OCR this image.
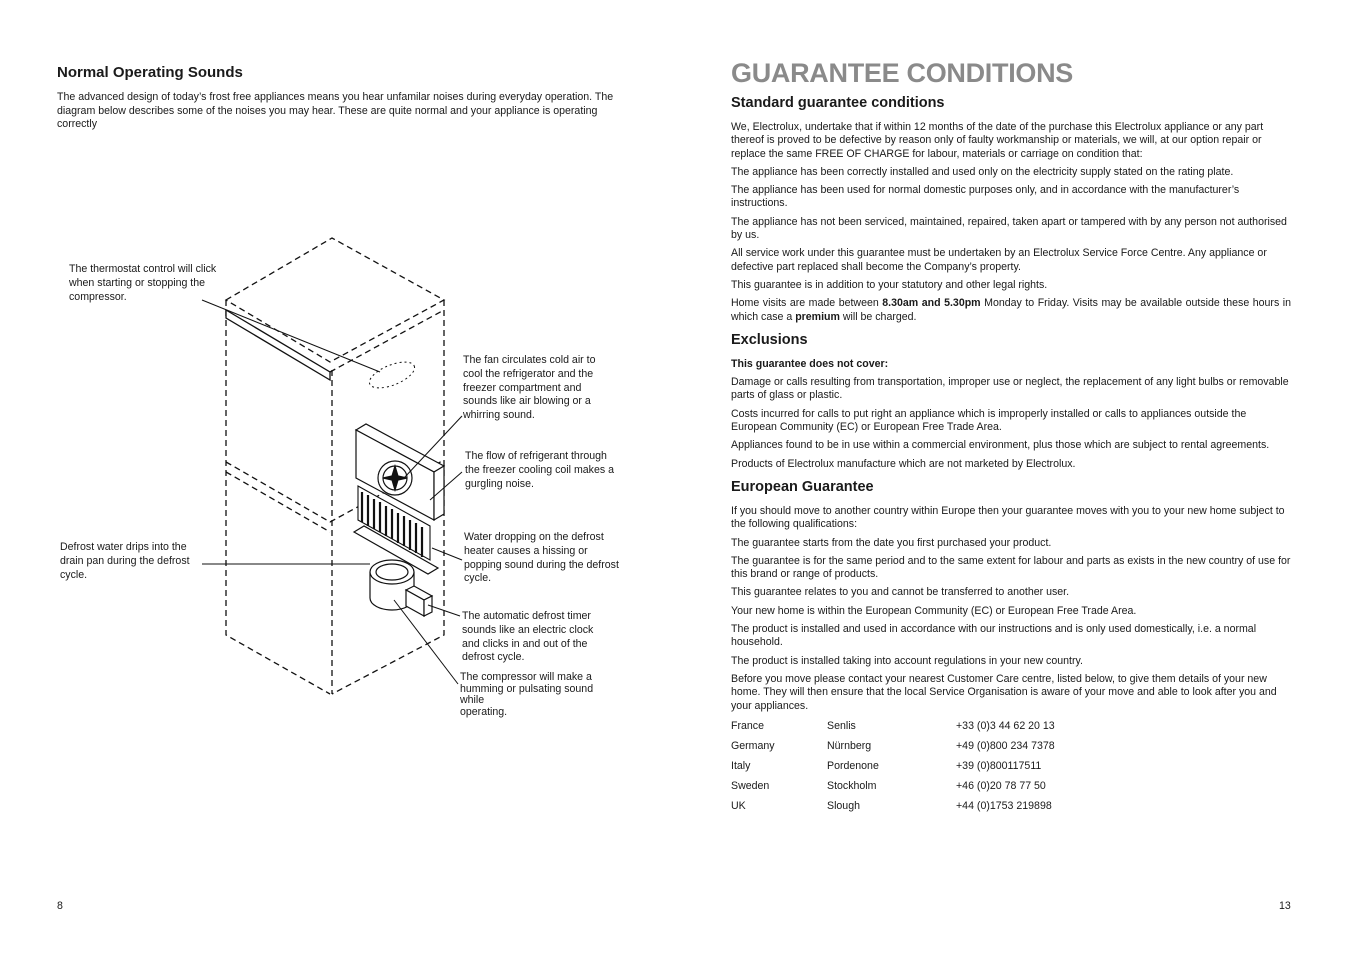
Normal Operating Sounds

The advanced design of today’s frost free appliances means you hear unfamilar noises during everyday operation. The diagram below describes some of the noises you may hear. These are quite normal and your appliance is operating correctly

The thermostat control will click when starting or stopping the compressor.

The fan circulates cold air to cool the refrigerator and the freezer compartment and sounds like air blowing or a whirring sound.

The flow of refrigerant through the freezer cooling coil makes a gurgling noise.

Water dropping on the defrost heater causes a hissing or popping sound during the defrost cycle.

Defrost water drips into the drain pan during the defrost cycle.

The automatic defrost timer sounds like an electric clock and clicks in and out of the defrost cycle.

The compressor will make a humming or pulsating sound while
operating.
8
GUARANTEE CONDITIONS
Standard guarantee conditions

We, Electrolux, undertake that if within 12 months of the date of the purchase this Electrolux appliance or any part thereof is proved to be defective by reason only of faulty workmanship or materials, we will, at our option repair or replace the same FREE OF CHARGE for labour, materials or carriage on condition that:

The appliance has been correctly installed and used only on the electricity supply stated on the rating plate.

The appliance has been used for normal domestic purposes only, and in accordance with the manufacturer’s instructions.

The appliance has not been serviced, maintained, repaired, taken apart or tampered with by any person not authorised by us.

All service work under this guarantee must be undertaken by an Electrolux Service Force Centre. Any appliance or defective part replaced shall become the Company’s property.

This guarantee is in addition to your statutory and other legal rights.

Home visits are made between 8.30am and 5.30pm Monday to Friday. Visits may be available outside these hours in which case a premium will be charged.

Exclusions

This guarantee does not cover:

Damage or calls resulting from transportation, improper use or neglect, the replacement of any light bulbs or removable parts of glass or plastic.

Costs incurred for calls to put right an appliance which is improperly installed or calls to appliances outside the European Community (EC) or European Free Trade Area.

Appliances found to be in use within a commercial environment, plus those which are subject to rental agreements.

Products of Electrolux manufacture which are not marketed by Electrolux.

European Guarantee

If you should move to another country within Europe then your guarantee moves with you to your new home subject to the following qualifications:

The guarantee starts from the date you first purchased your product.

The guarantee is for the same period and to the same extent for labour and parts as exists in the new country of use for this brand or range of products.

This guarantee relates to you and cannot be transferred to another user.

Your new home is within the European Community (EC) or European Free Trade Area.

The product is installed and used in accordance with our instructions and is only used domestically, i.e. a normal household.

The product is installed taking into account regulations in your new country.

Before you move please contact your nearest Customer Care centre, listed below, to give them details of your new home. They will then ensure that the local Service Organisation is aware of your move and able to look after you and your appliances.

France	Senlis	+33 (0)3 44 62 20 13
Germany	Nürnberg	+49 (0)800 234 7378
Italy	Pordenone	+39 (0)800117511
Sweden	Stockholm	+46 (0)20 78 77 50
UK	Slough	+44 (0)1753 219898
13
